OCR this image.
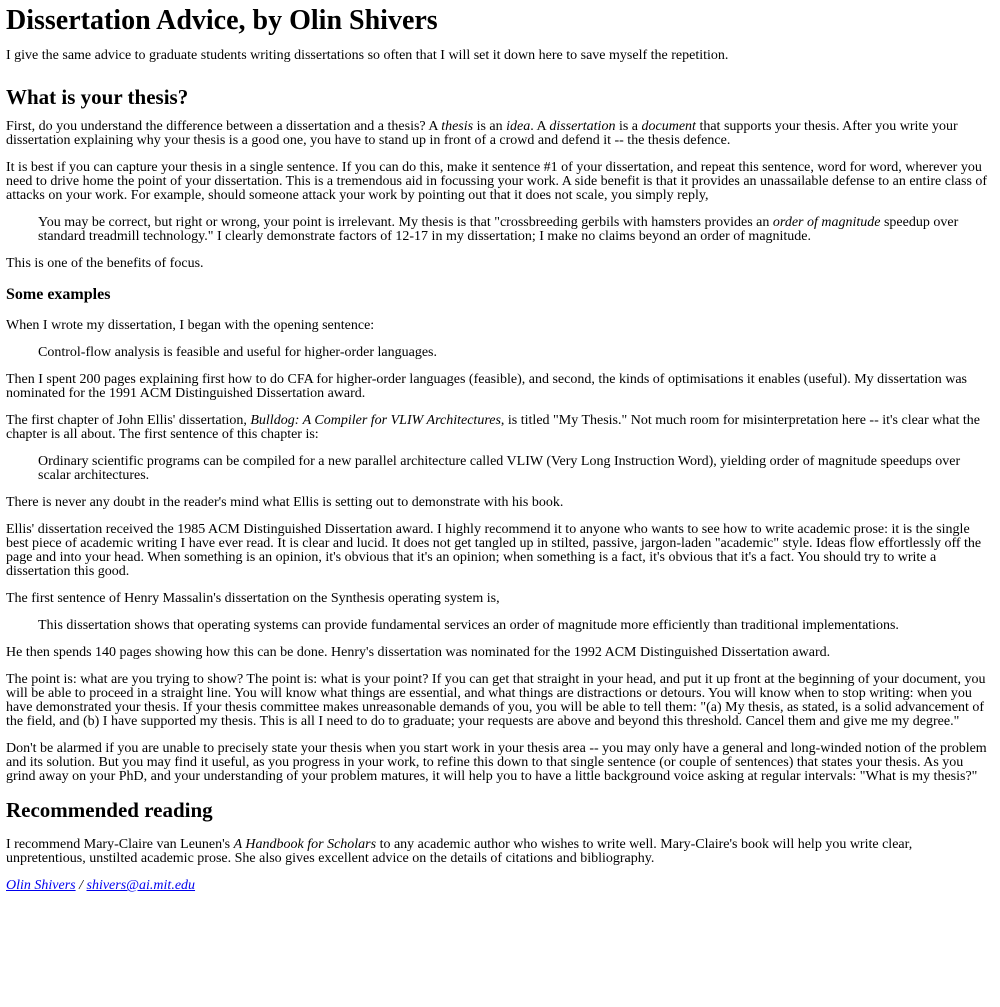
Dissertation Advice, by Olin Shivers

I give the same advice to graduate students writing dissertations so often that I will set it down here to save myself the repetition.

What is your thesis?

First, do you understand the difference between a dissertation and a thesis? A thesis is an idea. A dissertation is a document that supports your thesis. After you write your dissertation explaining why your thesis is a good one, you have to stand up in front of a crowd and defend it -- the thesis defence.

It is best if you can capture your thesis in a single sentence. If you can do this, make it sentence #1 of your dissertation, and repeat this sentence, word for word, wherever you need to drive home the point of your dissertation. This is a tremendous aid in focussing your work. A side benefit is that it provides an unassailable defense to an entire class of attacks on your work. For example, should someone attack your work by pointing out that it does not scale, you simply reply,

You may be correct, but right or wrong, your point is irrelevant. My thesis is that "crossbreeding gerbils with hamsters provides an order of magnitude speedup over standard treadmill technology." I clearly demonstrate factors of 12-17 in my dissertation; I make no claims beyond an order of magnitude.

This is one of the benefits of focus.

Some examples

When I wrote my dissertation, I began with the opening sentence:

Control-flow analysis is feasible and useful for higher-order languages.

Then I spent 200 pages explaining first how to do CFA for higher-order languages (feasible), and second, the kinds of optimisations it enables (useful). My dissertation was nominated for the 1991 ACM Distinguished Dissertation award.

The first chapter of John Ellis' dissertation, Bulldog: A Compiler for VLIW Architectures, is titled "My Thesis." Not much room for misinterpretation here -- it's clear what the chapter is all about. The first sentence of this chapter is:

Ordinary scientific programs can be compiled for a new parallel architecture called VLIW (Very Long Instruction Word), yielding order of magnitude speedups over scalar architectures.

There is never any doubt in the reader's mind what Ellis is setting out to demonstrate with his book.

Ellis' dissertation received the 1985 ACM Distinguished Dissertation award. I highly recommend it to anyone who wants to see how to write academic prose: it is the single best piece of academic writing I have ever read. It is clear and lucid. It does not get tangled up in stilted, passive, jargon-laden "academic" style. Ideas flow effortlessly off the page and into your head. When something is an opinion, it's obvious that it's an opinion; when something is a fact, it's obvious that it's a fact. You should try to write a dissertation this good.

The first sentence of Henry Massalin's dissertation on the Synthesis operating system is,

This dissertation shows that operating systems can provide fundamental services an order of magnitude more efficiently than traditional implementations.

He then spends 140 pages showing how this can be done. Henry's dissertation was nominated for the 1992 ACM Distinguished Dissertation award.

The point is: what are you trying to show? The point is: what is your point? If you can get that straight in your head, and put it up front at the beginning of your document, you will be able to proceed in a straight line. You will know what things are essential, and what things are distractions or detours. You will know when to stop writing: when you have demonstrated your thesis. If your thesis committee makes unreasonable demands of you, you will be able to tell them: "(a) My thesis, as stated, is a solid advancement of the field, and (b) I have supported my thesis. This is all I need to do to graduate; your requests are above and beyond this threshold. Cancel them and give me my degree."

Don't be alarmed if you are unable to precisely state your thesis when you start work in your thesis area -- you may only have a general and long-winded notion of the problem and its solution. But you may find it useful, as you progress in your work, to refine this down to that single sentence (or couple of sentences) that states your thesis. As you grind away on your PhD, and your understanding of your problem matures, it will help you to have a little background voice asking at regular intervals: "What is my thesis?"

Recommended reading

I recommend Mary-Claire van Leunen's A Handbook for Scholars to any academic author who wishes to write well. Mary-Claire's book will help you write clear, unpretentious, unstilted academic prose. She also gives excellent advice on the details of citations and bibliography.

Olin Shivers / shivers@ai.mit.edu
